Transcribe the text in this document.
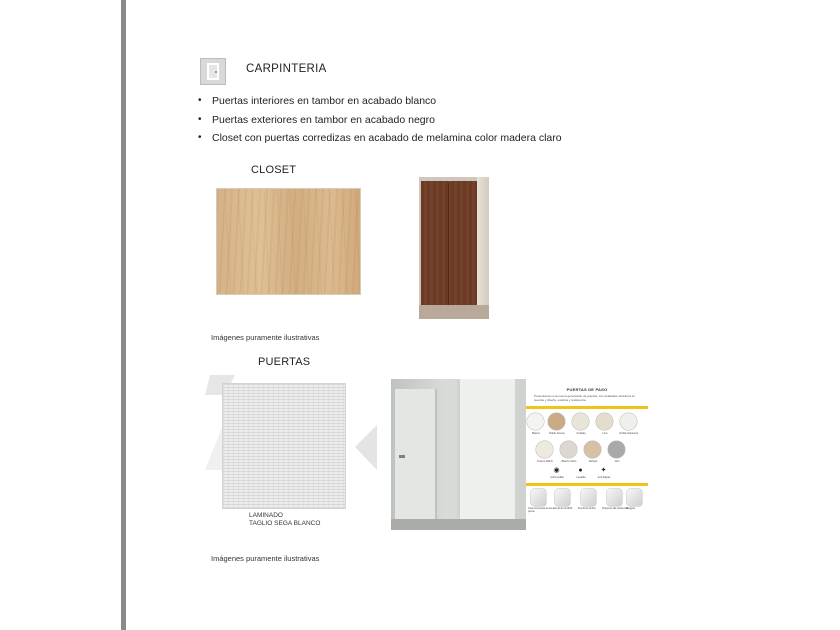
CARPINTERIA
• Puertas interiores en tambor en acabado blanco
• Puertas exteriores en tambor en acabado negro
• Closet con puertas corredizas en acabado de melamina color madera claro
CLOSET
Imágenes puramente ilustrativas
PUERTAS
LAMINADO
TAGLIO SEGA BLANCO
PUERTAS DE PASO
Presentamos una nueva generación de puertas, con acabados sintéticos en puertas y diseño, estética y resistencia.
Blanco	Roble Fresno	Cobalto	Lino	Roble Gianmoor
Fresno Affinis	Blanco Vetro	Sahara	Gris
◉	●	✦
Anti-huellas	Lavable	Anti-Rayas
Cara compuesta de dos piezas
Estructura de MDF	Puerta de tambor	Chapa de alta resistencia
Bisagras
Imágenes puramente ilustrativas
